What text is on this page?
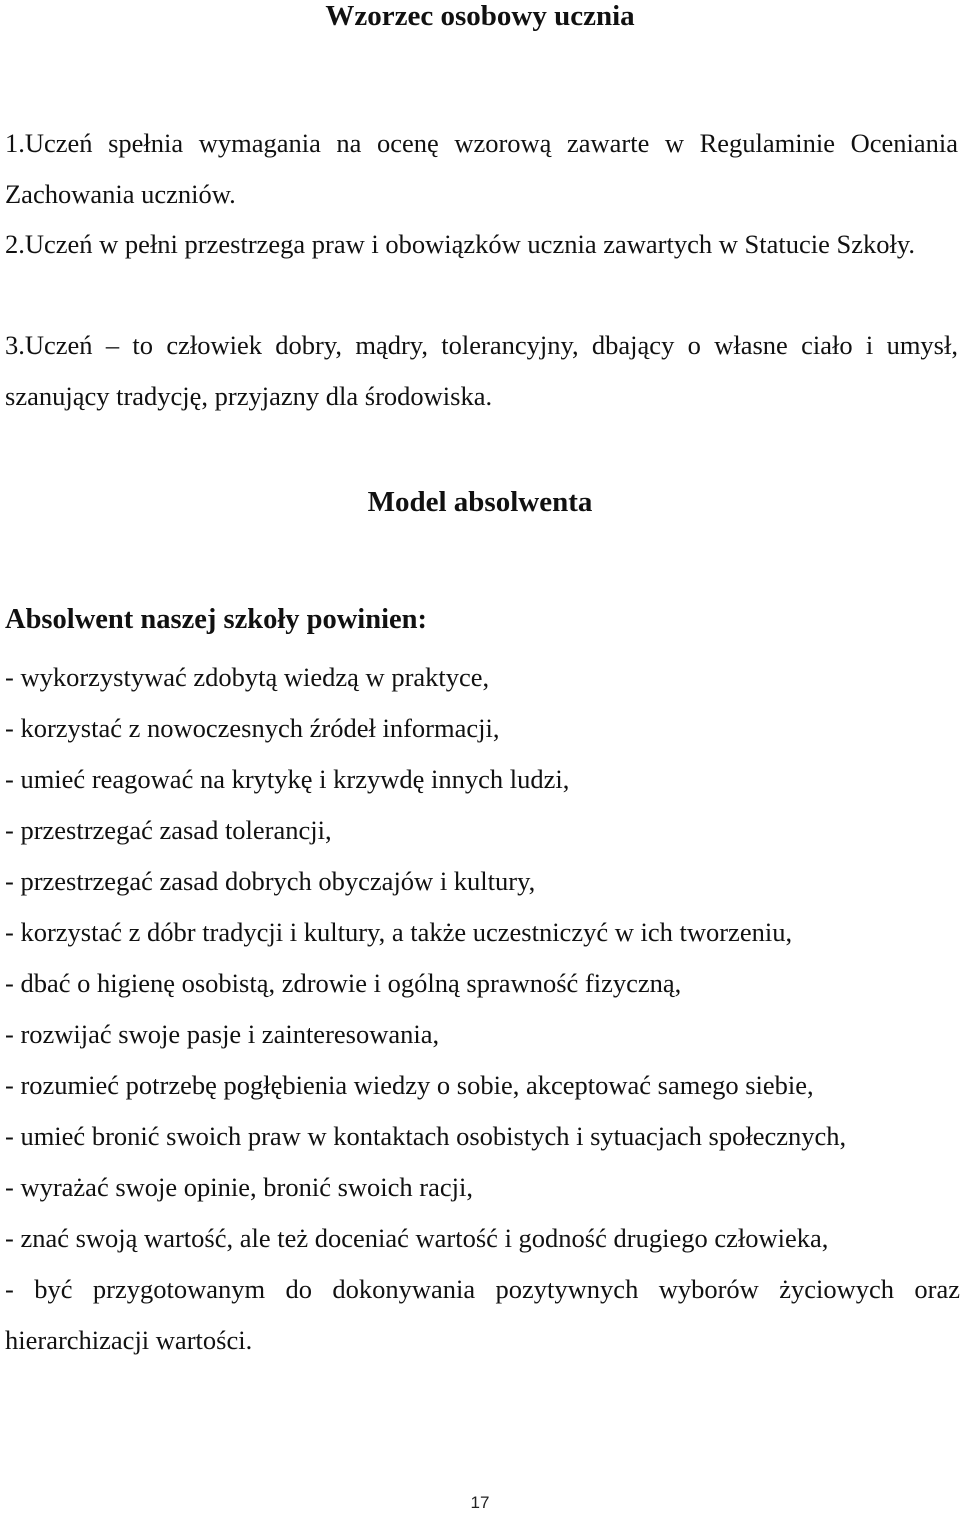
Wzorzec osobowy ucznia

1.Uczeń spełnia wymagania na ocenę wzorową zawarte w Regulaminie Oceniania Zachowania uczniów.

2.Uczeń w pełni przestrzega praw i obowiązków ucznia zawartych w Statucie Szkoły.

3.Uczeń – to człowiek dobry, mądry, tolerancyjny, dbający o własne ciało i umysł, szanujący tradycję, przyjazny dla środowiska.

Model absolwenta

Absolwent naszej szkoły powinien:

- wykorzystywać zdobytą wiedzą w praktyce,
- korzystać z nowoczesnych źródeł informacji,
- umieć reagować na krytykę i krzywdę innych ludzi,
- przestrzegać zasad tolerancji,
- przestrzegać zasad dobrych obyczajów i kultury,
- korzystać z dóbr tradycji i kultury, a także uczestniczyć w ich tworzeniu,
- dbać o higienę osobistą, zdrowie i ogólną sprawność fizyczną,
- rozwijać swoje pasje i zainteresowania,
- rozumieć potrzebę pogłębienia wiedzy o sobie, akceptować samego siebie,
- umieć bronić swoich praw w kontaktach osobistych i sytuacjach społecznych,
- wyrażać swoje opinie, bronić swoich racji,
- znać swoją wartość, ale też doceniać wartość i godność drugiego człowieka,
- być przygotowanym do dokonywania pozytywnych wyborów życiowych oraz hierarchizacji wartości.
17
